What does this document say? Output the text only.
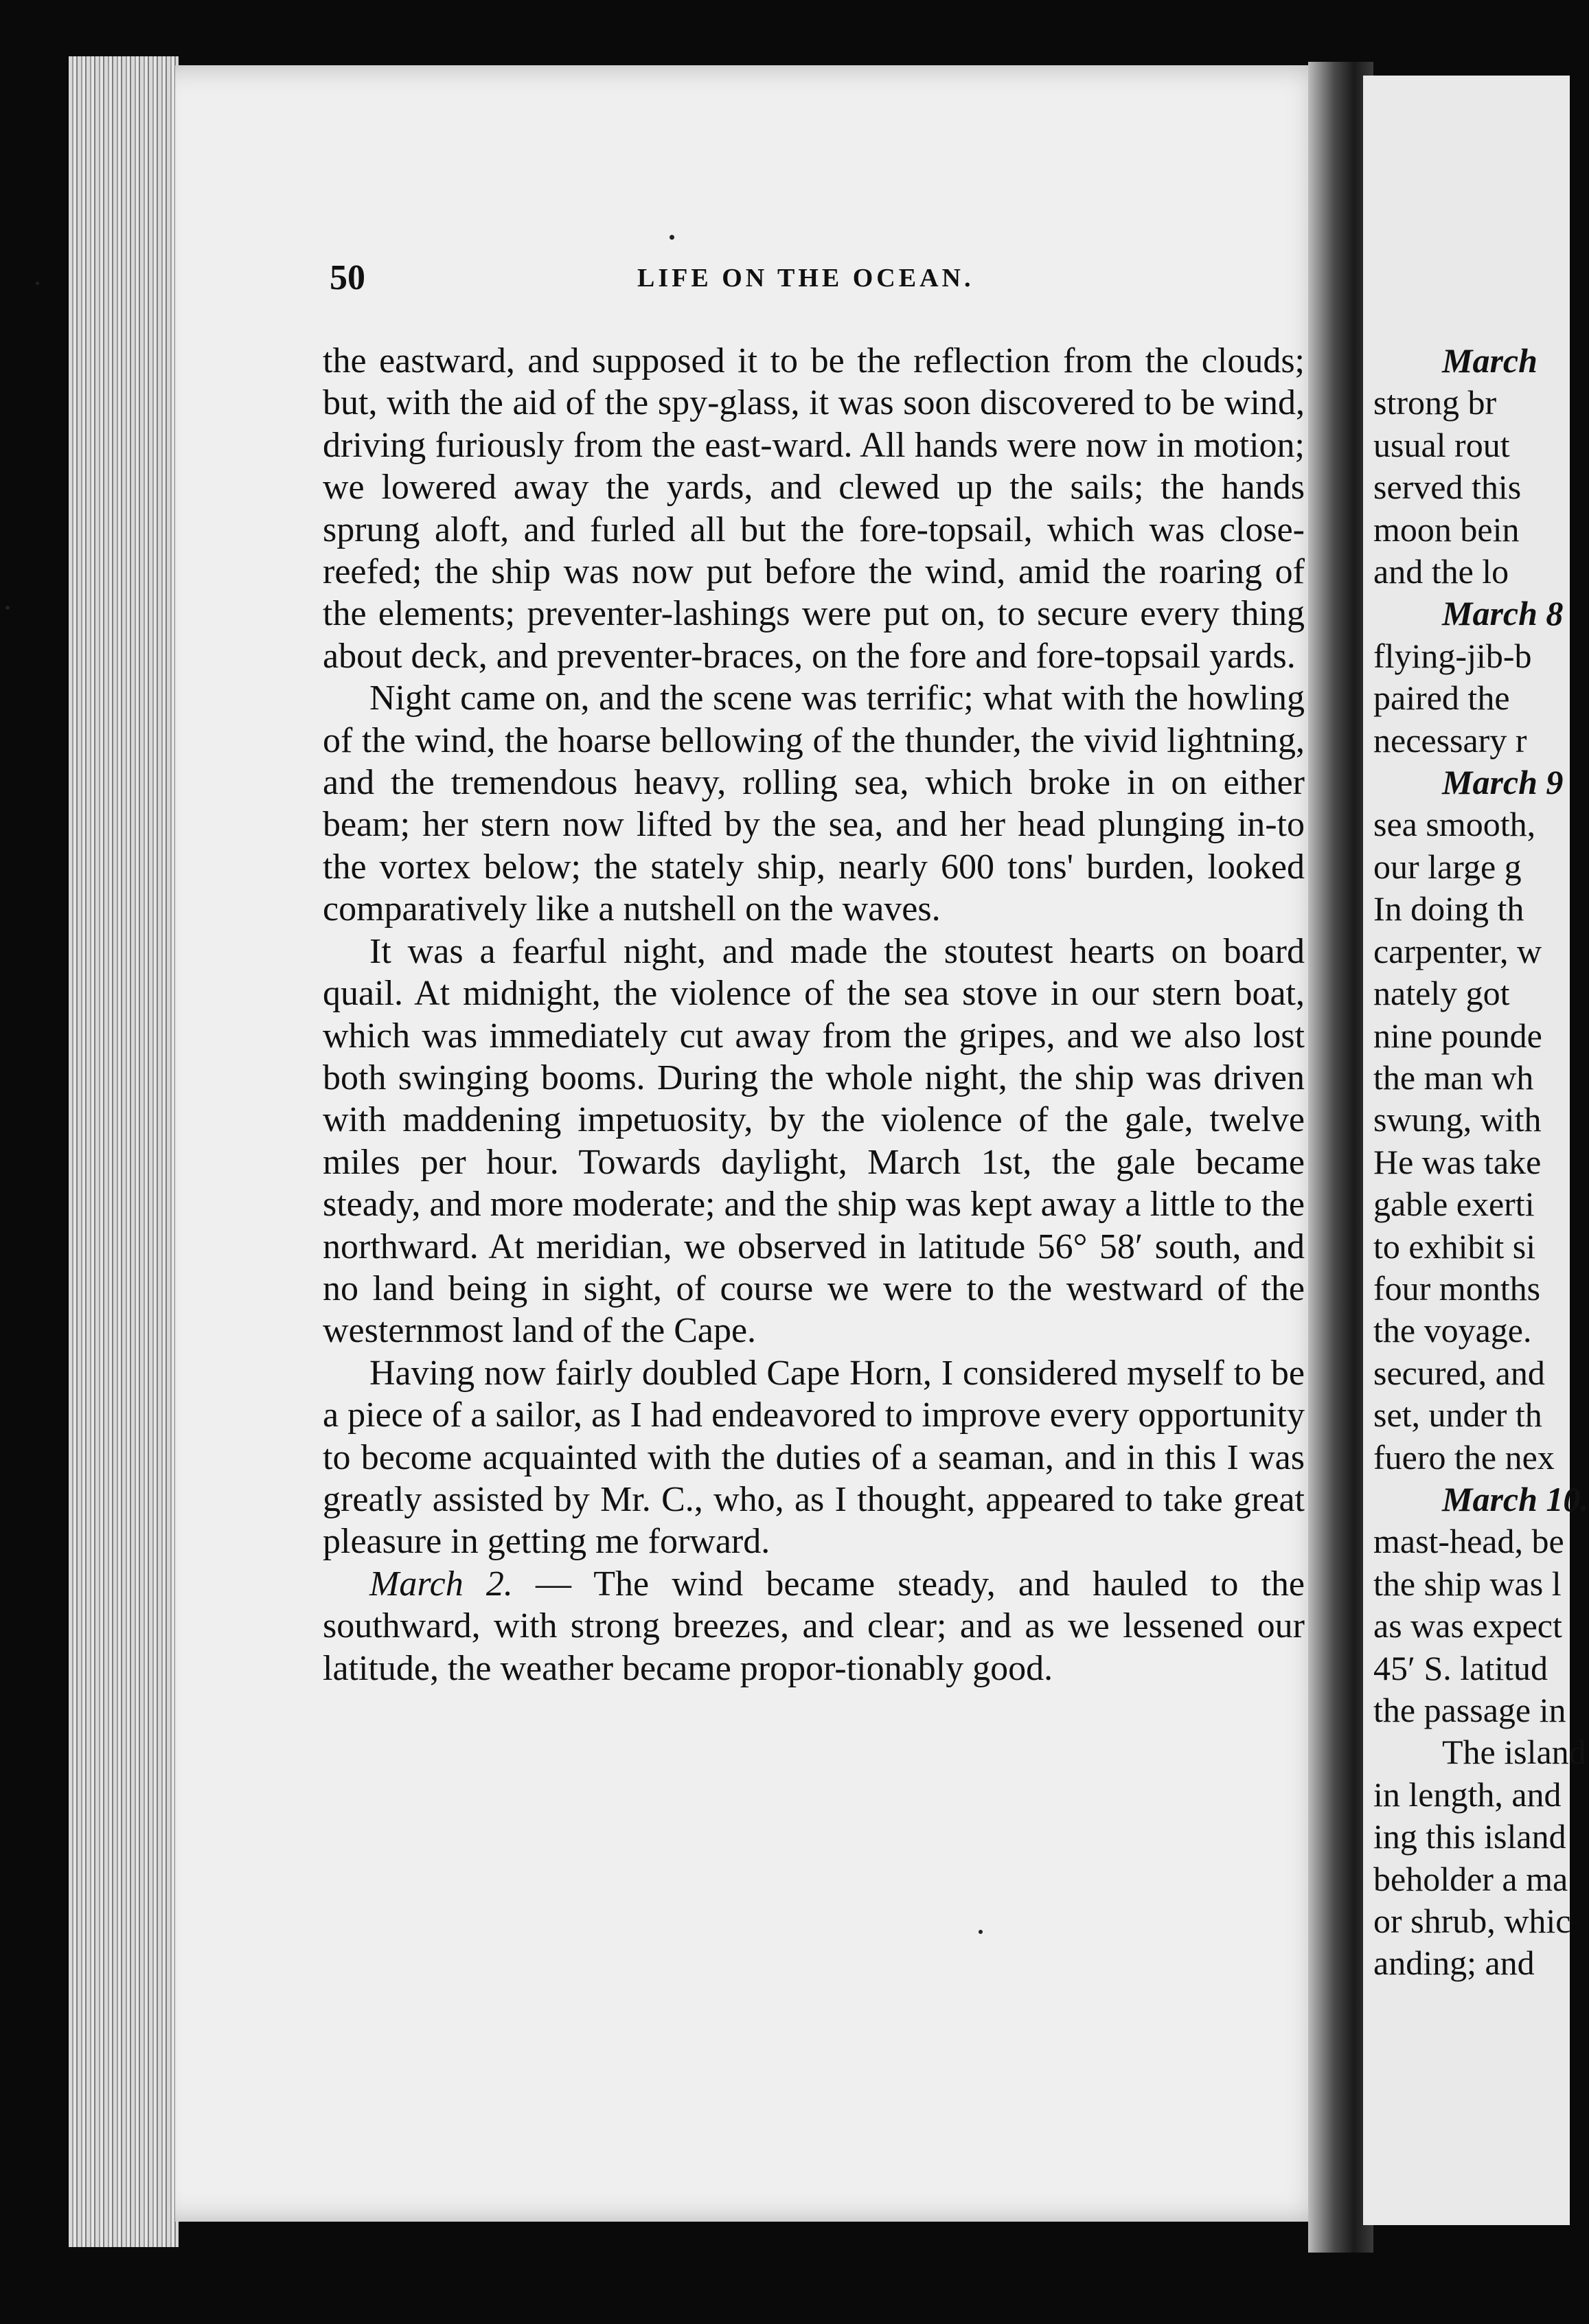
50	LIFE ON THE OCEAN.

the eastward, and supposed it to be the reflection from the clouds; but, with the aid of the spy-glass, it was soon discovered to be wind, driving furiously from the east-ward. All hands were now in motion; we lowered away the yards, and clewed up the sails; the hands sprung aloft, and furled all but the fore-topsail, which was close-reefed; the ship was now put before the wind, amid the roaring of the elements; preventer-lashings were put on, to secure every thing about deck, and preventer-braces, on the fore and fore-topsail yards.

Night came on, and the scene was terrific; what with the howling of the wind, the hoarse bellowing of the thunder, the vivid lightning, and the tremendous heavy, rolling sea, which broke in on either beam; her stern now lifted by the sea, and her head plunging in-to the vortex below; the stately ship, nearly 600 tons' burden, looked comparatively like a nutshell on the waves.

It was a fearful night, and made the stoutest hearts on board quail. At midnight, the violence of the sea stove in our stern boat, which was immediately cut away from the gripes, and we also lost both swinging booms. During the whole night, the ship was driven with maddening impetuosity, by the violence of the gale, twelve miles per hour. Towards daylight, March 1st, the gale became steady, and more moderate; and the ship was kept away a little to the northward. At meridian, we observed in latitude 56° 58′ south, and no land being in sight, of course we were to the westward of the westernmost land of the Cape.

Having now fairly doubled Cape Horn, I considered myself to be a piece of a sailor, as I had endeavored to improve every opportunity to become acquainted with the duties of a seaman, and in this I was greatly assisted by Mr. C., who, as I thought, appeared to take great pleasure in getting me forward.

March 2. — The wind became steady, and hauled to the southward, with strong breezes, and clear; and as we lessened our latitude, the weather became propor-tionably good.

March
strong br
usual rout
served this
moon bein
and the lo
March 8
flying-jib-b
paired the
necessary r
March 9
sea smooth,
our large g
In doing th
carpenter, w
nately got
nine pounde
the man wh
swung, with
He was take
gable exerti
to exhibit si
four months
the voyage.
secured, and
set, under th
fuero the nex
March 10.
mast-head, be
the ship was l
as was expect
45′ S. latitud
the passage in
The island
in length, and
ing this island
beholder a ma
or shrub, whic
anding; and
